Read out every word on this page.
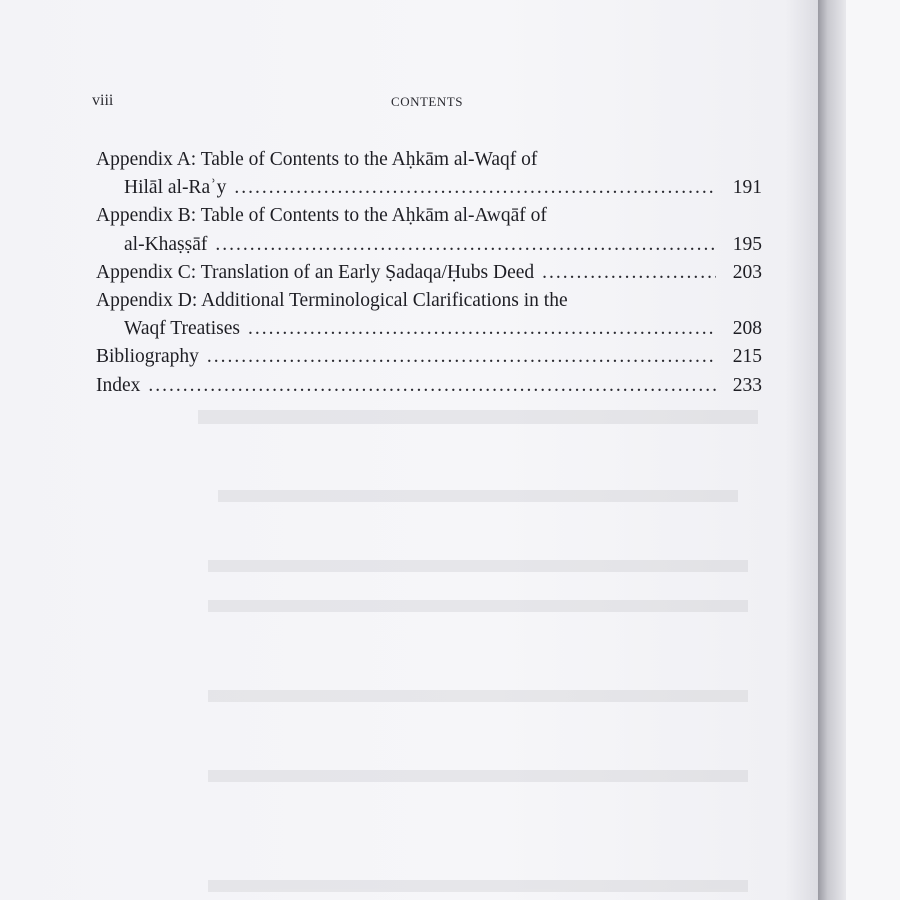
viii	CONTENTS
Appendix A: Table of Contents to the Aḥkām al-Waqf of
Hilāl al-Raʾy .....	191
Appendix B: Table of Contents to the Aḥkām al-Awqāf of
al-Khaṣṣāf .....	195
Appendix C: Translation of an Early Ṣadaqa/Ḥubs Deed .....	203
Appendix D: Additional Terminological Clarifications in the
Waqf Treatises .....	208
Bibliography .....	215
Index .....	233
